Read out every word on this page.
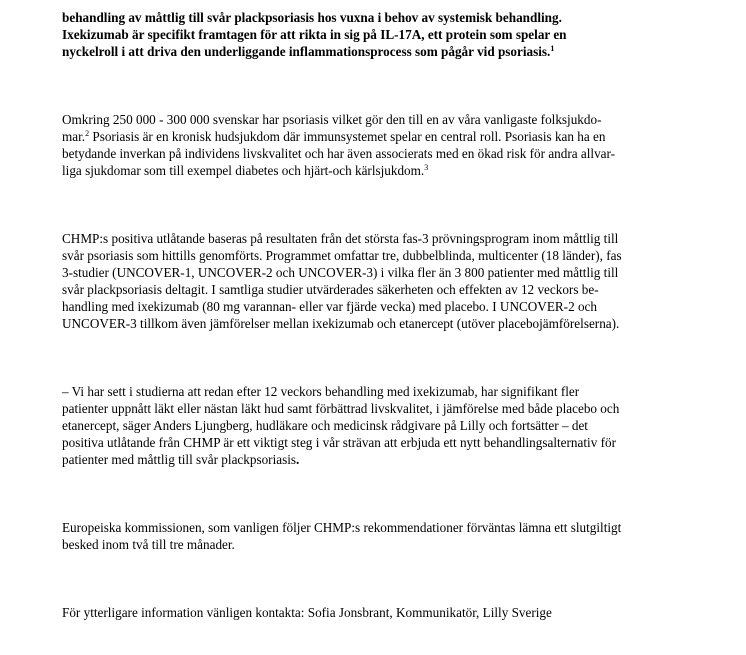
behandling av måttlig till svår plackpsoriasis hos vuxna i behov av systemisk behandling.
Ixekizumab är specifikt framtagen för att rikta in sig på IL-17A, ett protein som spelar en
nyckelroll i att driva den underliggande inflammationsprocess som pågår vid psoriasis.$^1$

Omkring 250 000 - 300 000 svenskar har psoriasis vilket gör den till en av våra vanligaste folksjukdo-
mar.$^2$ Psoriasis är en kronisk hudsjukdom där immunsystemet spelar en central roll. Psoriasis kan ha en
betydande inverkan på individens livskvalitet och har även associerats med en ökad risk för andra allvar-
liga sjukdomar som till exempel diabetes och hjärt-och kärlsjukdom.$^3$

CHMP:s positiva utlåtande baseras på resultaten från det största fas-3 prövningsprogram inom måttlig till
svår psoriasis som hittills genomförts. Programmet omfattar tre, dubbelblinda, multicenter (18 länder), fas
3-studier (UNCOVER-1, UNCOVER-2 och UNCOVER-3) i vilka fler än 3 800 patienter med måttlig till
svår plackpsoriasis deltagit. I samtliga studier utvärderades säkerheten och effekten av 12 veckors be-
handling med ixekizumab (80 mg varannan- eller var fjärde vecka) med placebo. I UNCOVER-2 och
UNCOVER-3 tillkom även jämförelser mellan ixekizumab och etanercept (utöver placebojämförelserna).

– Vi har sett i studierna att redan efter 12 veckors behandling med ixekizumab, har signifikant fler
patienter uppnått läkt eller nästan läkt hud samt förbättrad livskvalitet, i jämförelse med både placebo och
etanercept, säger Anders Ljungberg, hudläkare och medicinsk rådgivare på Lilly och fortsätter – det
positiva utlåtande från CHMP är ett viktigt steg i vår strävan att erbjuda ett nytt behandlingsalternativ för
patienter med måttlig till svår plackpsoriasis.

Europeiska kommissionen, som vanligen följer CHMP:s rekommendationer förväntas lämna ett slutgiltigt
besked inom två till tre månader.

För ytterligare information vänligen kontakta: Sofia Jonsbrant, Kommunikatör, Lilly Sverige
